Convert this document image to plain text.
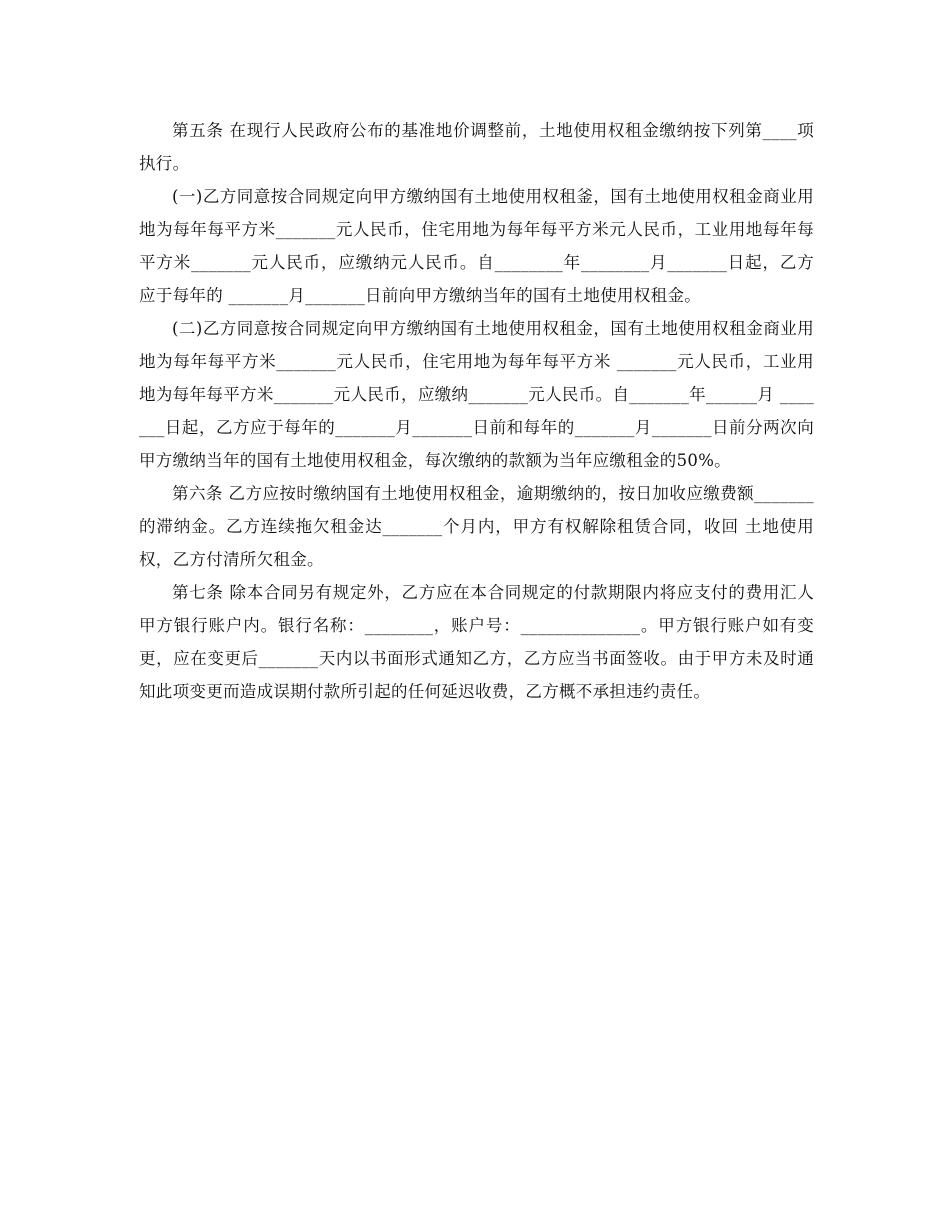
第五条 在现行人民政府公布的基准地价调整前，土地使用权租金缴纳按下列第____项执行。

(一)乙方同意按合同规定向甲方缴纳国有土地使用权租釜，国有土地使用权租金商业用地为每年每平方米_______元人民币，住宅用地为每年每平方米元人民币，工业用地每年每平方米_______元人民币，应缴纳元人民币。自________年________月_______日起，乙方应于每年的 _______月_______日前向甲方缴纳当年的国有土地使用权租金。

(二)乙方同意按合同规定向甲方缴纳国有土地使用权租金，国有土地使用权租金商业用地为每年每平方米_______元人民币，住宅用地为每年每平方米 _______元人民币，工业用地为每年每平方米_______元人民币，应缴纳_______元人民币。自_______年______月 _______日起，乙方应于每年的_______月_______日前和每年的_______月_______日前分两次向甲方缴纳当年的国有土地使用权租金，每次缴纳的款额为当年应缴租金的50%。

第六条 乙方应按时缴纳国有土地使用权租金，逾期缴纳的，按日加收应缴费额_______的滞纳金。乙方连续拖欠租金达_______个月内，甲方有权解除租赁合同，收回 土地使用权，乙方付清所欠租金。

第七条 除本合同另有规定外，乙方应在本合同规定的付款期限内将应支付的费用汇人甲方银行账户内。银行名称：________，账户号：______________。甲方银行账户如有变更，应在变更后_______天内以书面形式通知乙方，乙方应当书面签收。由于甲方未及时通知此项变更而造成误期付款所引起的任何延迟收费，乙方概不承担违约责任。
